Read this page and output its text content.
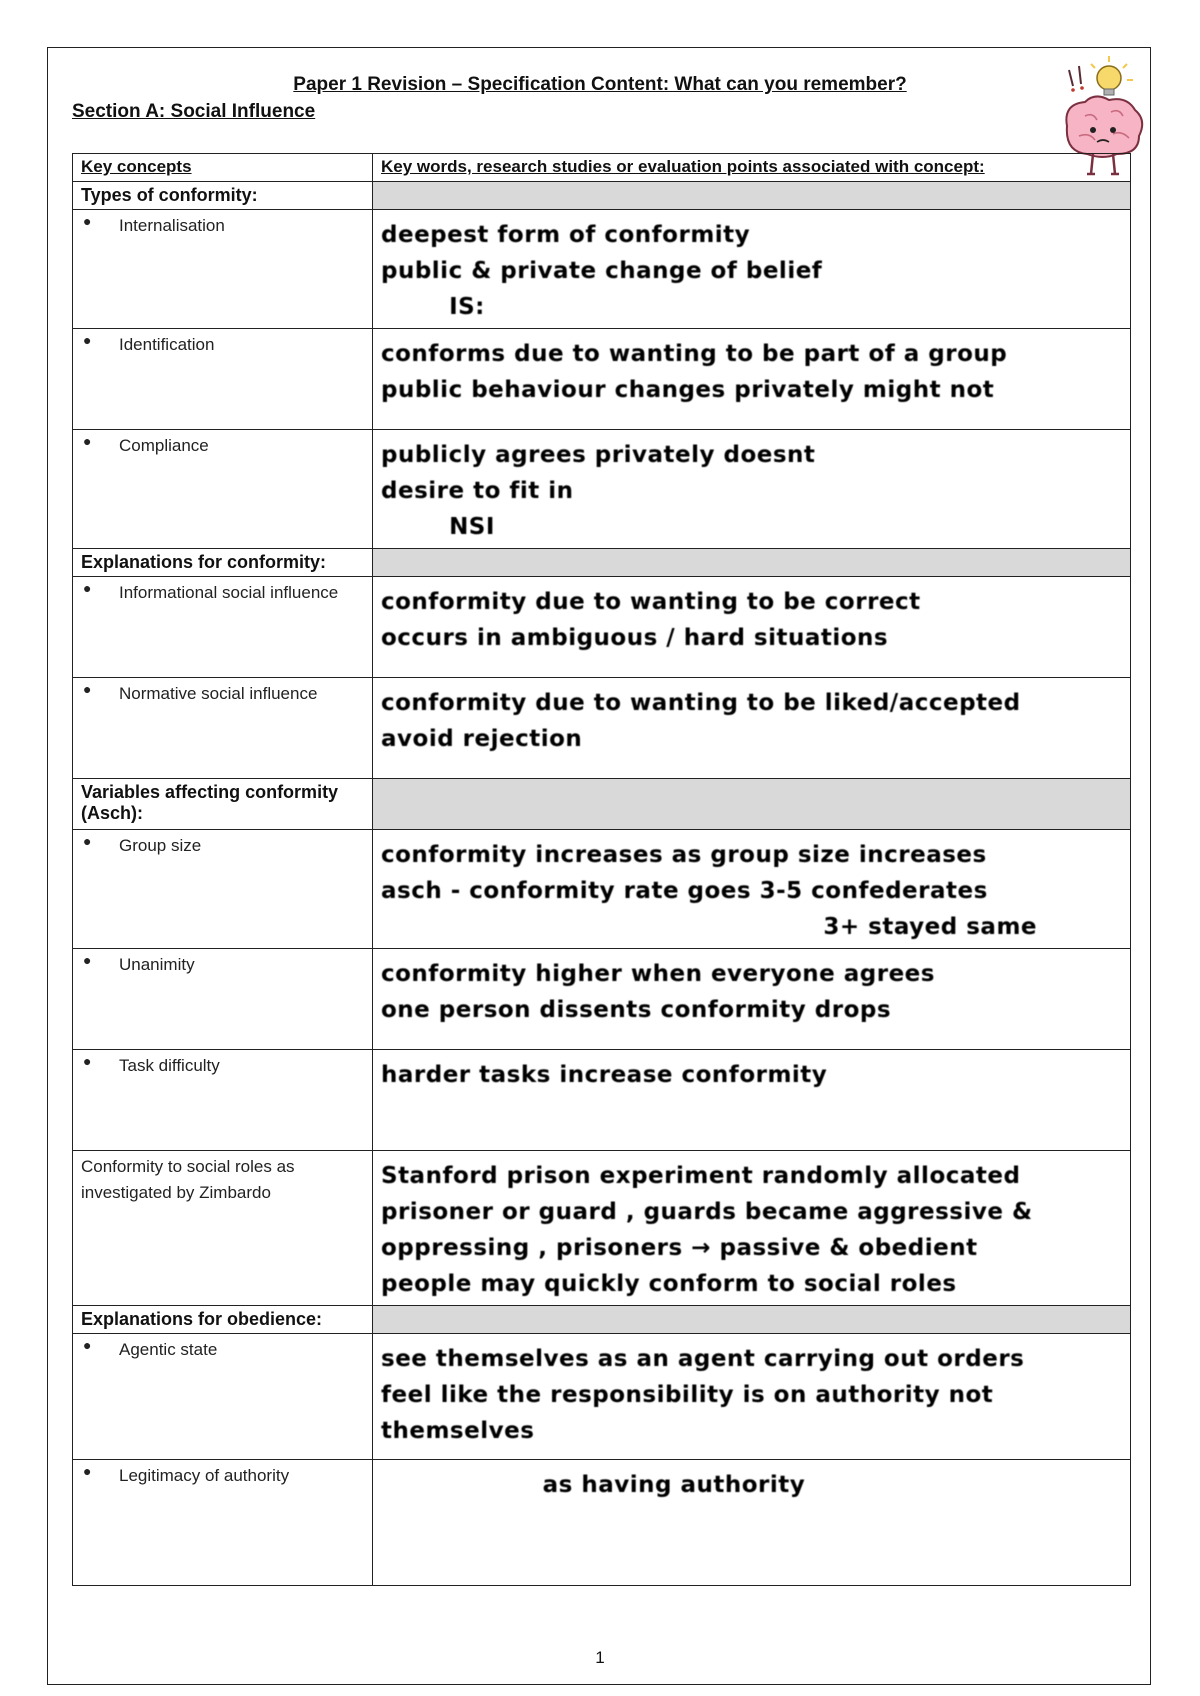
Paper 1 Revision – Specification Content: What can you remember?
Section A: Social Influence
Key concepts	Key words, research studies or evaluation points associated with concept:
Types of conformity:	

● Internalisation	deepest form of conformity
public & private change of belief
IS:

● Identification	conforms due to wanting to be part of a group
public behaviour changes privately might not

● Compliance	publicly agrees privately doesnt
desire to fit in
NSI

Explanations for conformity:	

● Informational social influence	conformity due to wanting to be correct
occurs in ambiguous / hard situations

● Normative social influence	conformity due to wanting to be liked/accepted
avoid rejection

Variables affecting conformity (Asch):	

● Group size	conformity increases as group size increases
asch - conformity rate goes 3-5 confederates
3+ stayed same

● Unanimity	conformity higher when everyone agrees
one person dissents conformity drops

● Task difficulty	harder tasks increase conformity

Conformity to social roles as investigated by Zimbardo	Stanford prison experiment randomly allocated
prisoner or guard , guards became aggressive &
oppressing , prisoners → passive & obedient
people may quickly conform to social roles

Explanations for obedience:	

● Agentic state	see themselves as an agent carrying out orders
feel like the responsibility is on authority not
themselves

● Legitimacy of authority	as having authority
1
